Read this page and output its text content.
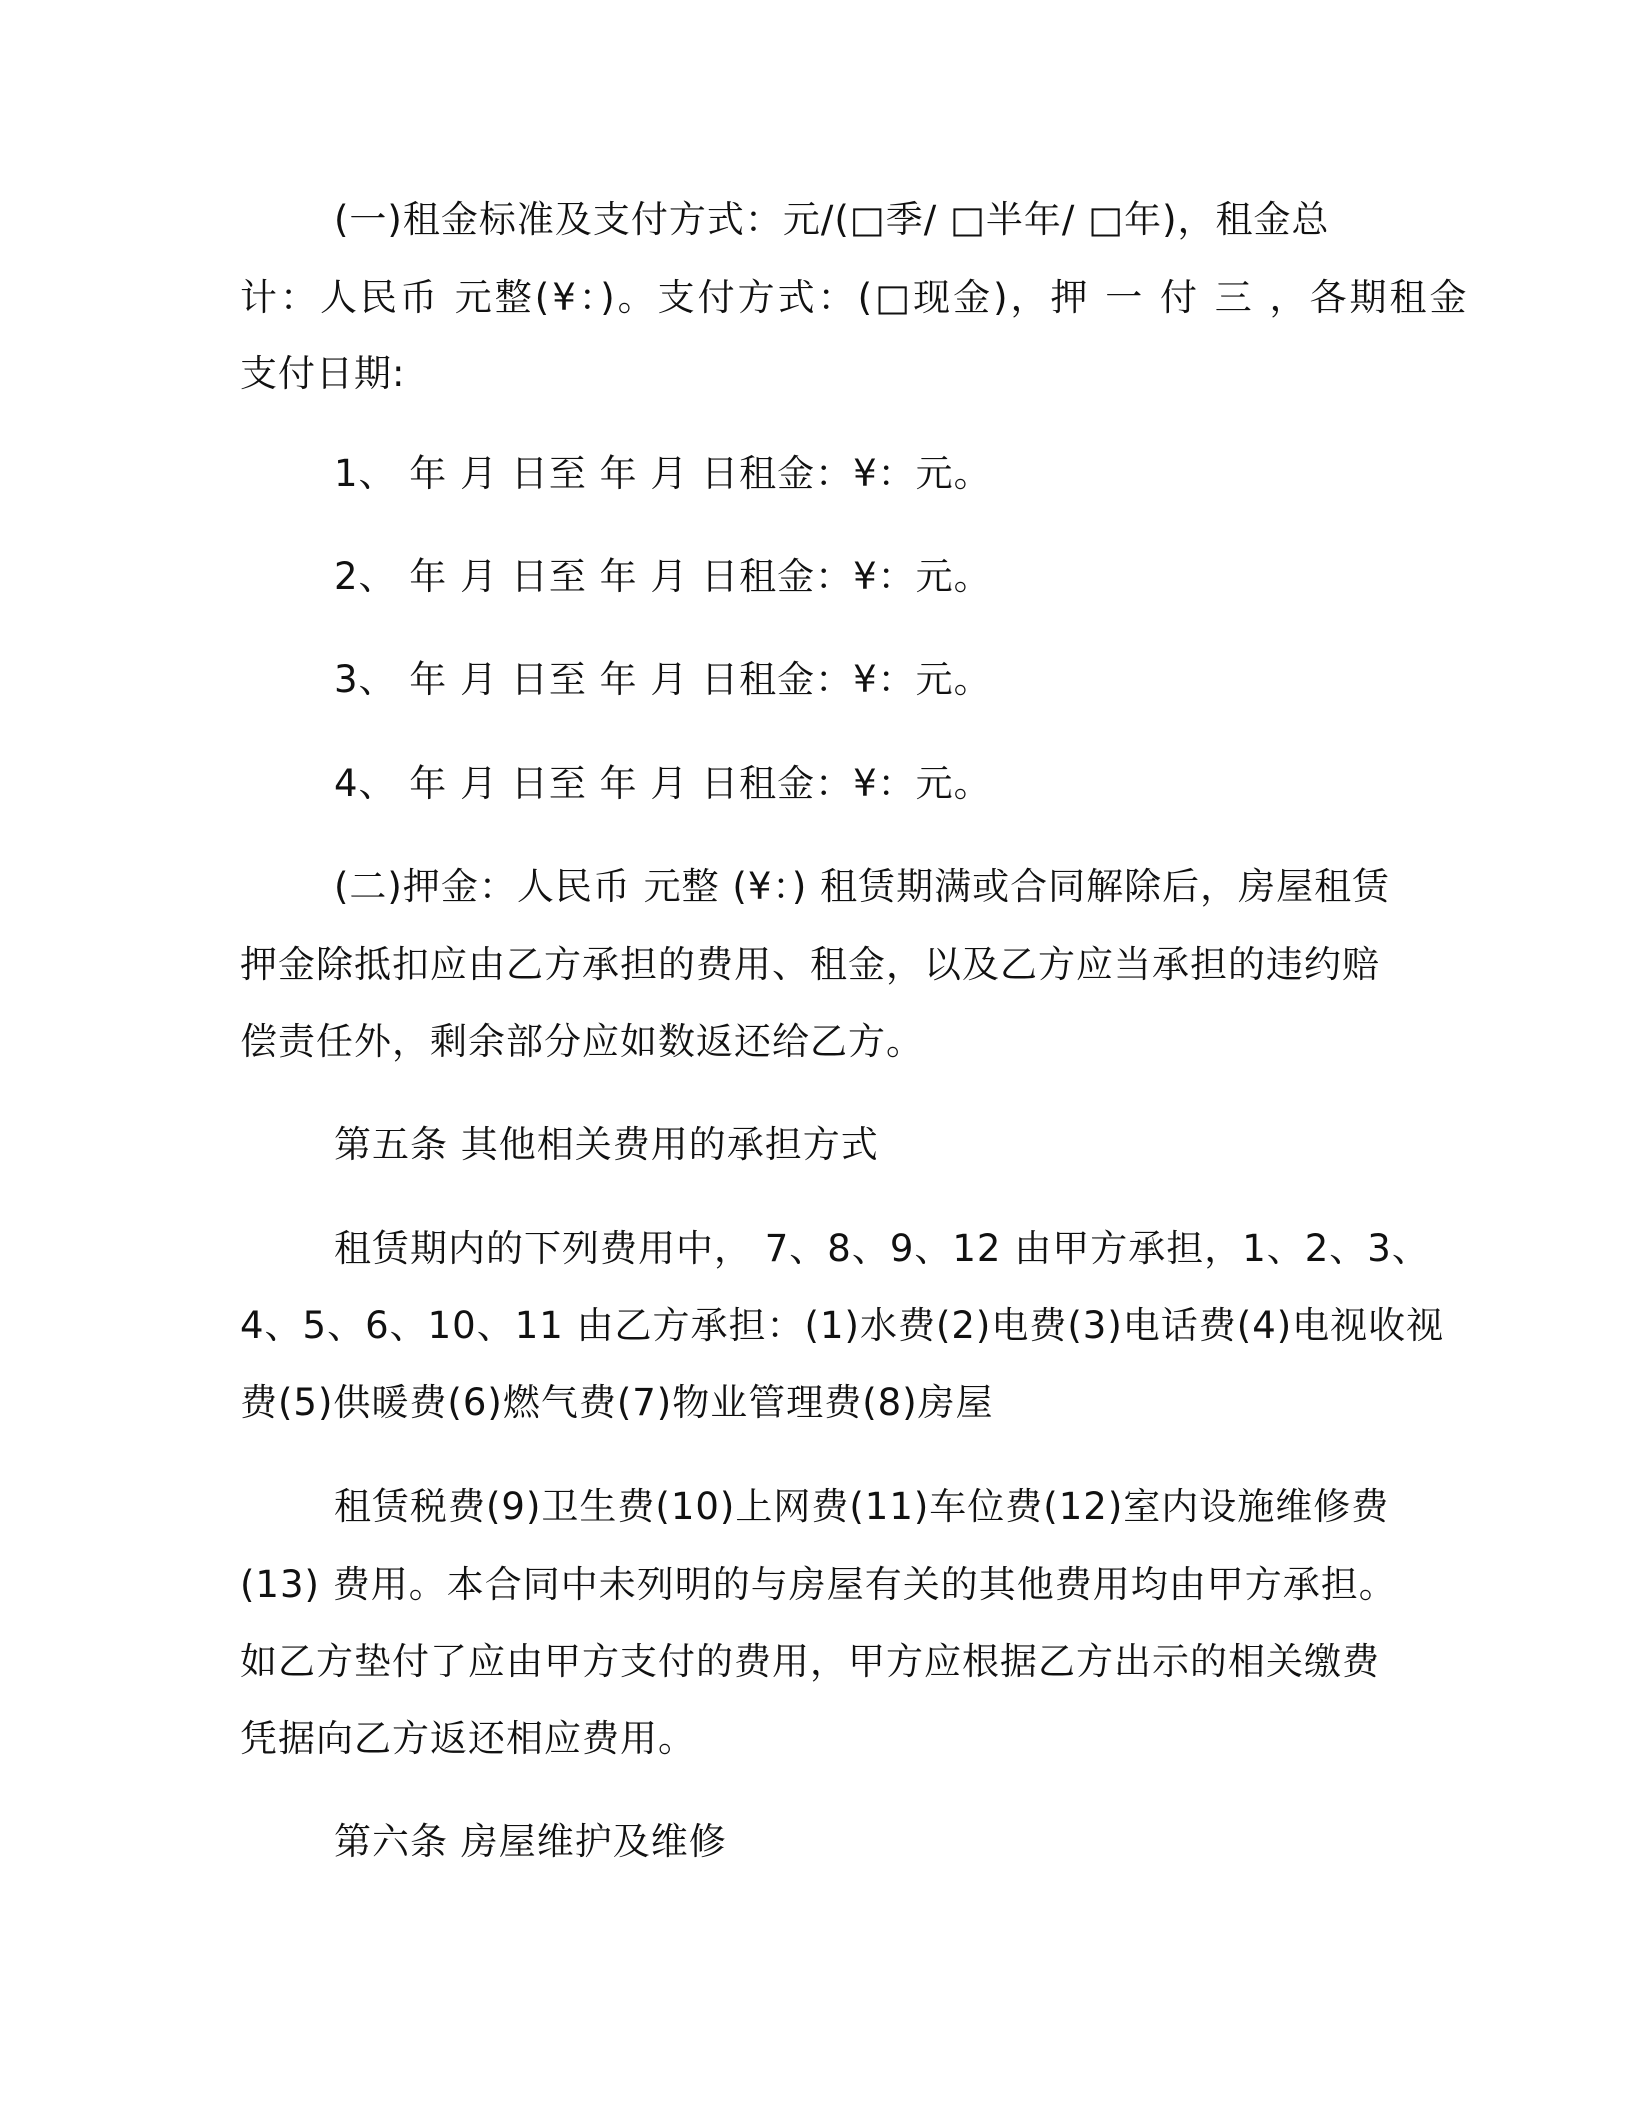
(一)租金标准及支付方式：元/(□季/ □半年/ □年)，租金总
计：人民币 元整(¥：)。支付方式：(□现金)，押 一 付 三 ，各期租金
支付日期:
1、 年 月 日至 年 月 日租金：¥：元。
2、 年 月 日至 年 月 日租金：¥：元。
3、 年 月 日至 年 月 日租金：¥：元。
4、 年 月 日至 年 月 日租金：¥：元。
(二)押金：人民币 元整 (¥：) 租赁期满或合同解除后，房屋租赁
押金除抵扣应由乙方承担的费用、租金，以及乙方应当承担的违约赔
偿责任外，剩余部分应如数返还给乙方。
第五条 其他相关费用的承担方式
租赁期内的下列费用中， 7、8、9、12 由甲方承担，1、2、3、
4、5、6、10、11 由乙方承担：(1)水费(2)电费(3)电话费(4)电视收视
费(5)供暖费(6)燃气费(7)物业管理费(8)房屋
租赁税费(9)卫生费(10)上网费(11)车位费(12)室内设施维修费
(13) 费用。本合同中未列明的与房屋有关的其他费用均由甲方承担。
如乙方垫付了应由甲方支付的费用，甲方应根据乙方出示的相关缴费
凭据向乙方返还相应费用。
第六条 房屋维护及维修
